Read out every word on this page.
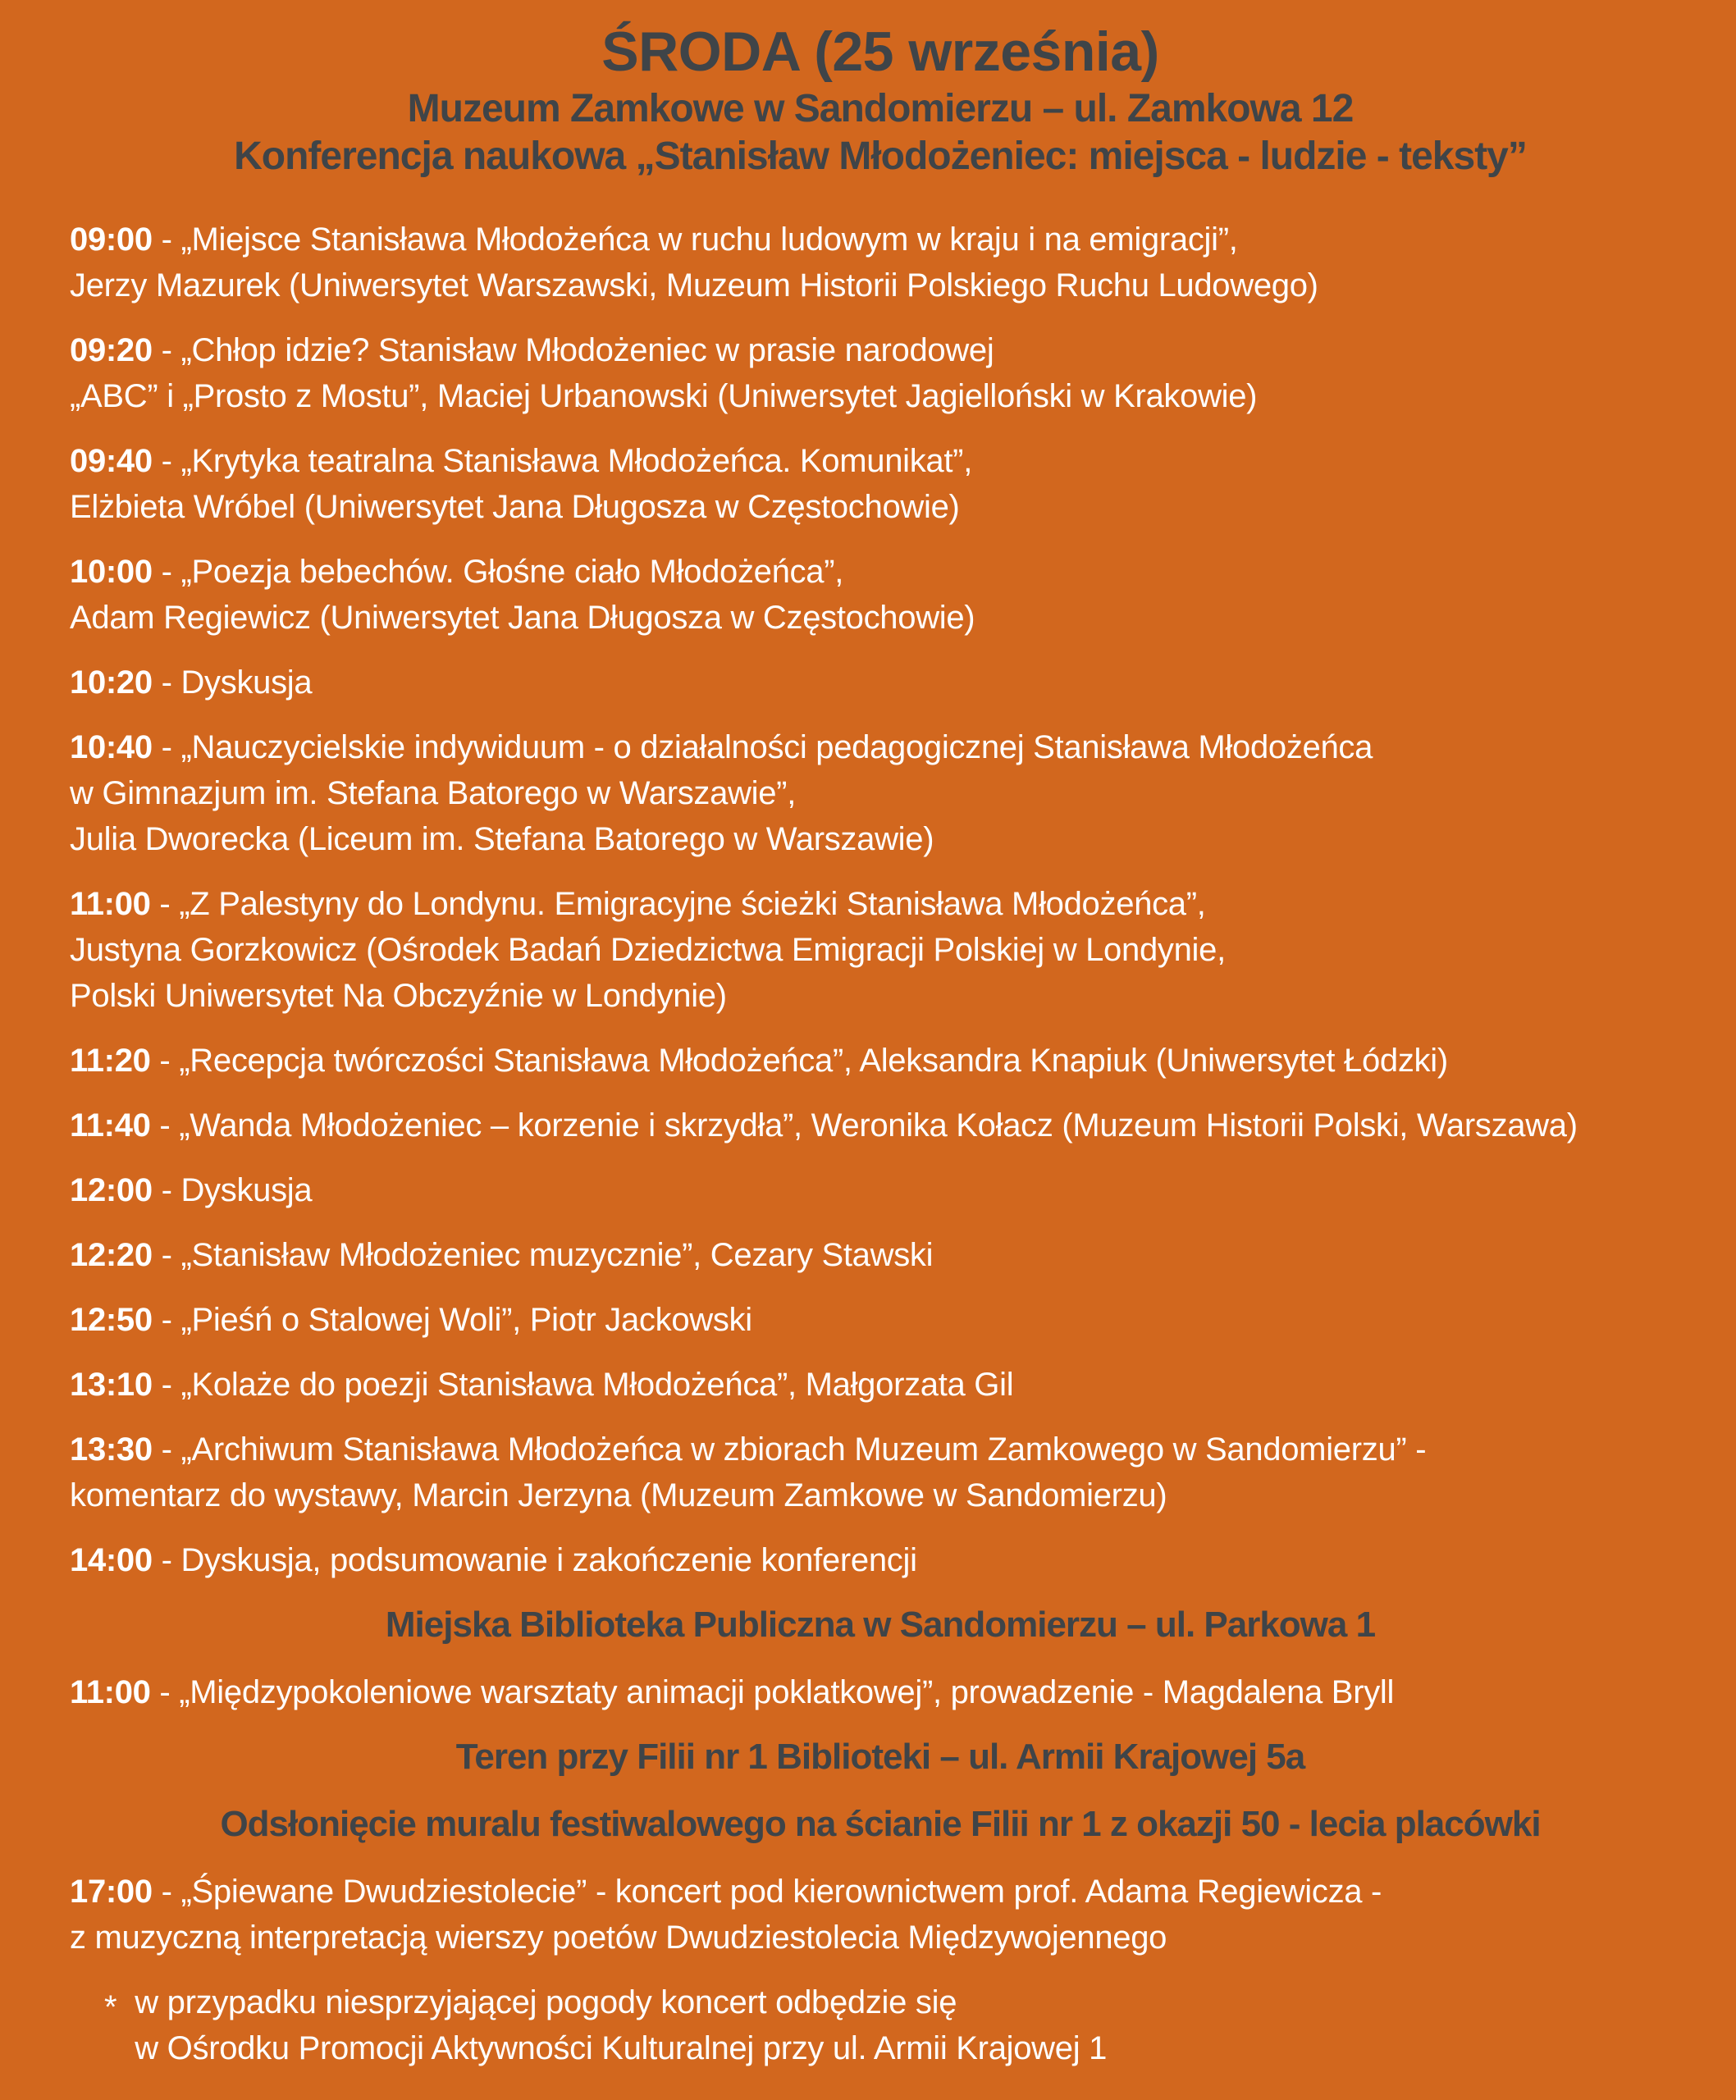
ŚRODA (25 września)

Muzeum Zamkowe w Sandomierzu – ul. Zamkowa 12

Konferencja naukowa „Stanisław Młodożeniec: miejsca - ludzie - teksty”

09:00 - „Miejsce Stanisława Młodożeńca w ruchu ludowym w kraju i na emigracji”,
Jerzy Mazurek (Uniwersytet Warszawski, Muzeum Historii Polskiego Ruchu Ludowego)
09:20 - „Chłop idzie? Stanisław Młodożeniec w prasie narodowej
„ABC” i „Prosto z Mostu”, Maciej Urbanowski (Uniwersytet Jagielloński w Krakowie)
09:40 - „Krytyka teatralna Stanisława Młodożeńca. Komunikat”,
Elżbieta Wróbel (Uniwersytet Jana Długosza w Częstochowie)
10:00 - „Poezja bebechów. Głośne ciało Młodożeńca”,
Adam Regiewicz (Uniwersytet Jana Długosza w Częstochowie)
10:20 - Dyskusja
10:40 - „Nauczycielskie indywiduum - o działalności pedagogicznej Stanisława Młodożeńca
w Gimnazjum im. Stefana Batorego w Warszawie”,
Julia Dworecka (Liceum im. Stefana Batorego w Warszawie)
11:00 - „Z Palestyny do Londynu. Emigracyjne ścieżki Stanisława Młodożeńca”,
Justyna Gorzkowicz (Ośrodek Badań Dziedzictwa Emigracji Polskiej w Londynie,
Polski Uniwersytet Na Obczyźnie w Londynie)
11:20 - „Recepcja twórczości Stanisława Młodożeńca”, Aleksandra Knapiuk (Uniwersytet Łódzki)
11:40 - „Wanda Młodożeniec – korzenie i skrzydła”, Weronika Kołacz (Muzeum Historii Polski, Warszawa)
12:00 - Dyskusja
12:20 - „Stanisław Młodożeniec muzycznie”, Cezary Stawski
12:50 - „Pieśń o Stalowej Woli”, Piotr Jackowski
13:10 - „Kolaże do poezji Stanisława Młodożeńca”, Małgorzata Gil
13:30 - „Archiwum Stanisława Młodożeńca w zbiorach Muzeum Zamkowego w Sandomierzu” -
komentarz do wystawy, Marcin Jerzyna (Muzeum Zamkowe w Sandomierzu)
14:00 - Dyskusja, podsumowanie i zakończenie konferencji
Miejska Biblioteka Publiczna w Sandomierzu – ul. Parkowa 1
11:00 - „Międzypokoleniowe warsztaty animacji poklatkowej”, prowadzenie - Magdalena Bryll
Teren przy Filii nr 1 Biblioteki – ul. Armii Krajowej 5a
Odsłonięcie muralu festiwalowego na ścianie Filii nr 1 z okazji 50 - lecia placówki
17:00 - „Śpiewane Dwudziestolecie” - koncert pod kierownictwem prof. Adama Regiewicza -
z muzyczną interpretacją wierszy poetów Dwudziestolecia Międzywojennego
* w przypadku niesprzyjającej pogody koncert odbędzie się
w Ośrodku Promocji Aktywności Kulturalnej przy ul. Armii Krajowej 1
